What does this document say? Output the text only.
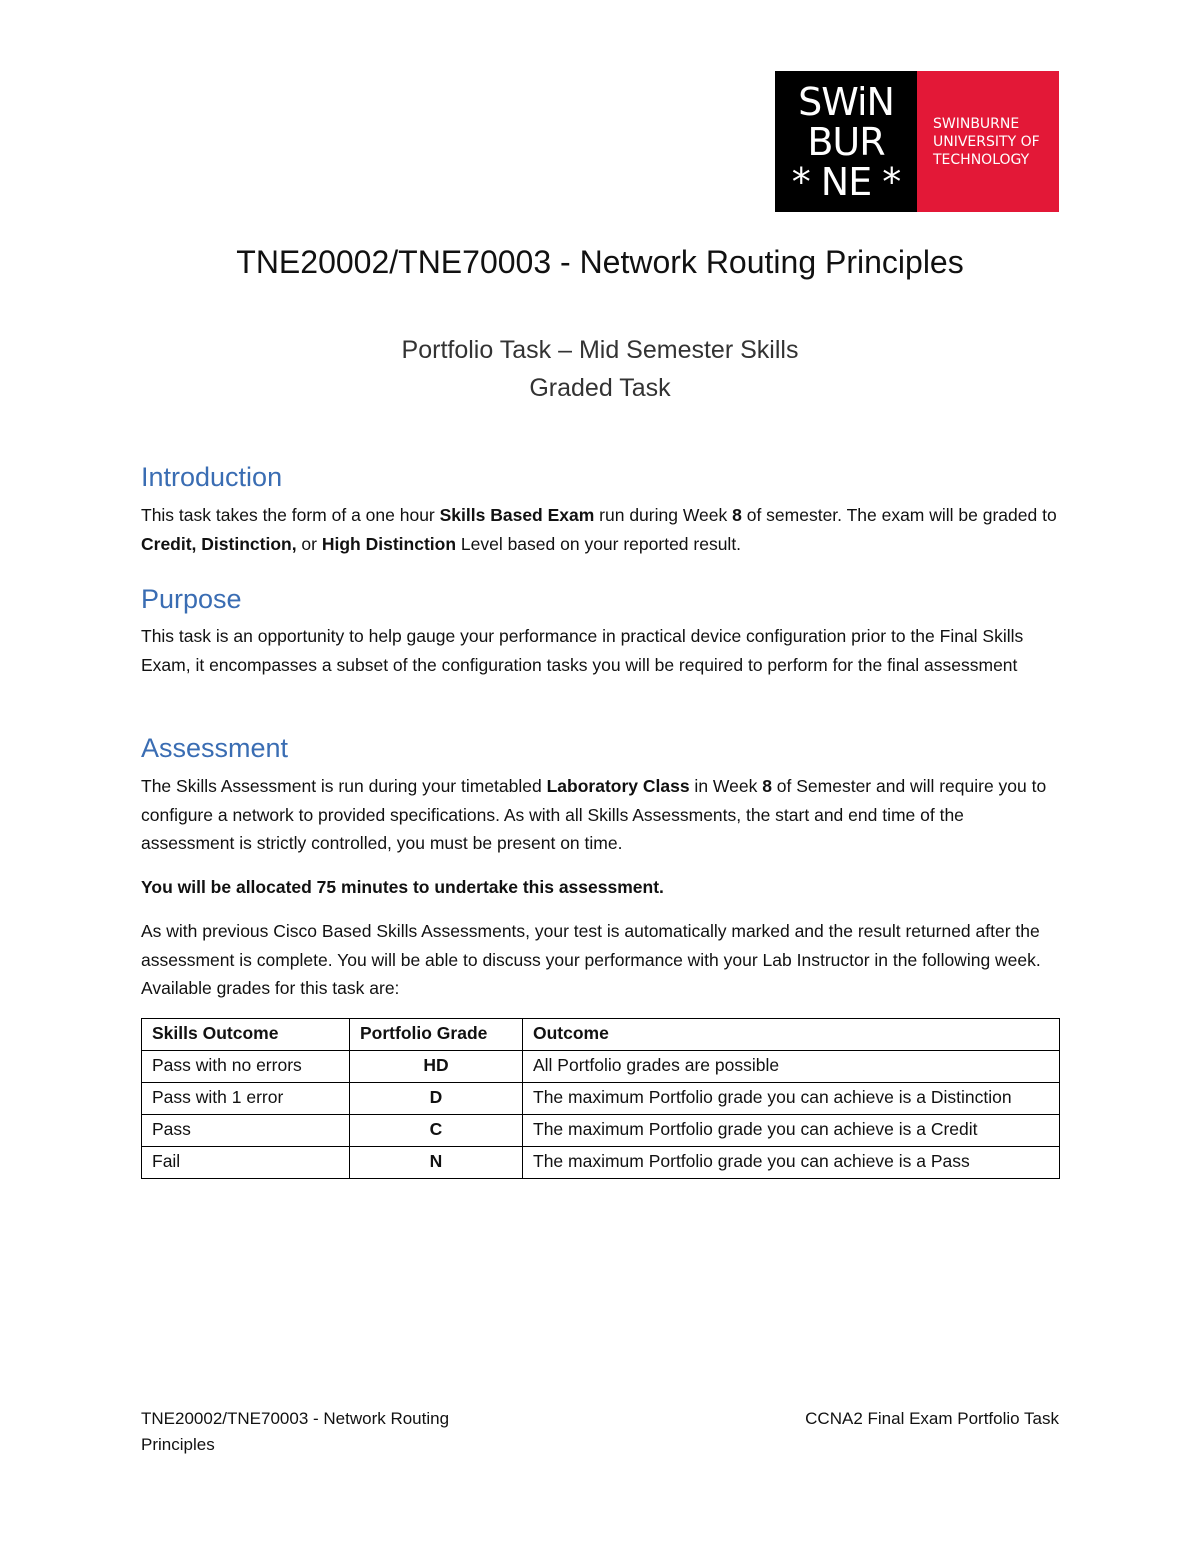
SWiN
BUR
* NE *
SWINBURNE
UNIVERSITY OF
TECHNOLOGY
TNE20002/TNE70003 - Network Routing Principles

Portfolio Task – Mid Semester Skills

Graded Task

Introduction

This task takes the form of a one hour Skills Based Exam run during Week 8 of semester. The exam will be graded to Credit, Distinction, or High Distinction Level based on your reported result.

Purpose

This task is an opportunity to help gauge your performance in practical device configuration prior to the Final Skills Exam, it encompasses a subset of the configuration tasks you will be required to perform for the final assessment

Assessment

The Skills Assessment is run during your timetabled Laboratory Class in Week 8 of Semester and will require you to configure a network to provided specifications. As with all Skills Assessments, the start and end time of the assessment is strictly controlled, you must be present on time.

You will be allocated 75 minutes to undertake this assessment.

As with previous Cisco Based Skills Assessments, your test is automatically marked and the result returned after the assessment is complete. You will be able to discuss your performance with your Lab Instructor in the following week. Available grades for this task are:

Skills Outcome	Portfolio Grade	Outcome
Pass with no errors	HD	All Portfolio grades are possible
Pass with 1 error	D	The maximum Portfolio grade you can achieve is a Distinction
Pass	C	The maximum Portfolio grade you can achieve is a Credit
Fail	N	The maximum Portfolio grade you can achieve is a Pass
TNE20002/TNE70003 - Network Routing Principles
CCNA2 Final Exam Portfolio Task
